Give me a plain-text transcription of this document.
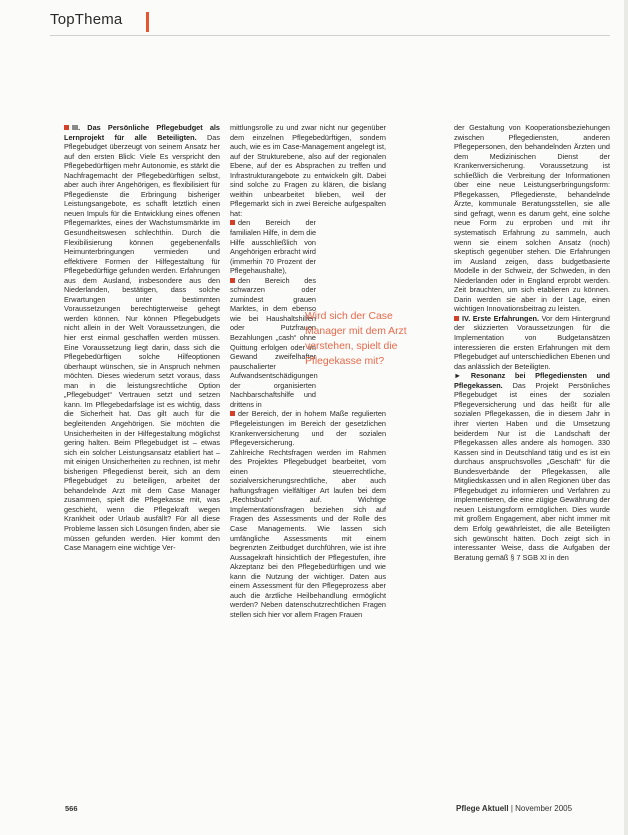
TopThema

III. Das Persönliche Pflegebudget als Lernprojekt für alle Beteiligten. Das Pflegebudget überzeugt von seinem Ansatz her auf den ersten Blick: Viele Es verspricht den Pflegebedürftigen mehr Autonomie, es stärkt die Nachfragemacht der Pflegebedürftigen selbst, aber auch ihrer Angehörigen, es flexibilisiert für Pflegedienste die Erbringung bisheriger Leistungsangebote, es schafft letztlich einen neuen Impuls für die Entwicklung eines offenen Pflegemarktes, eines der Wachstumsmärkte im Gesundheitswesen schlechthin. Durch die Flexibilisierung können gegebenenfalls Heimunterbringungen vermieden und effektivere Formen der Hilfegestaltung für Pflegebedürftige gefunden werden. Erfahrungen aus dem Ausland, insbesondere aus den Niederlanden, bestätigen, dass solche Erwartungen unter bestimmten Voraussetzungen berechtigterweise gehegt werden können. Nur können Pflegebudgets nicht allein in der Welt Voraussetzungen, die hier erst einmal geschaffen werden müssen. Eine Voraussetzung liegt darin, dass sich die Pflegebedürftigen solche Hilfeoptionen überhaupt wünschen, sie in Anspruch nehmen möchten. Dieses wiederum setzt voraus, dass man in die leistungsrechtliche Option „Pflegebudget“ Vertrauen setzt und setzen kann. Im Pflegebedarfslage ist es wichtig, dass die Sicherheit hat. Das gilt auch für die begleitenden Angehörigen. Sie möchten die Unsicherheiten in der Hilfegestaltung möglichst gering halten. Beim Pflegebudget ist – etwas sich ein solcher Leistungsansatz etabliert hat – mit einigen Unsicherheiten zu rechnen, ist mehr bisherigen Pflegedienst bereit, sich an dem Pflegebudget zu beteiligen, arbeitet der behandelnde Arzt mit dem Case Manager zusammen, spielt die Pflegekasse mit, was geschieht, wenn die Pflegekraft wegen Krankheit oder Urlaub ausfällt? Für all diese Probleme lassen sich Lösungen finden, aber sie müssen gefunden werden. Hier kommt den Case Managern eine wichtige Ver-

mittlungsrolle zu und zwar nicht nur gegenüber dem einzelnen Pflegebedürftigen, sondern auch, wie es im Case-Management angelegt ist, auf der Strukturebene, also auf der regionalen Ebene, auf der es Absprachen zu treffen und Infrastrukturangebote zu entwickeln gilt. Dabei sind solche zu Fragen zu klären, die bislang weithin unbearbeitet blieben, weil der Pflegemarkt sich in zwei Bereiche aufgespalten hat:

den Bereich der familialen Hilfe, in dem die Hilfe ausschließlich von Angehörigen erbracht wird (immerhin 70 Prozent der Pflegehaushalte),

den Bereich des schwarzen oder zumindest grauen Marktes, in dem ebenso wie bei Haushaltshilfen oder Putzfrauen Bezahlungen „cash“ ohne Quittung erfolgen oder im Gewand zweifelhafter pauschalierter Aufwandsentschädigungen der organisierten Nachbarschaftshilfe und drittens in

der Bereich, der in hohem Maße regulierten Pflegeleistungen im Bereich der gesetzlichen Krankenversicherung und der sozialen Pflegeversicherung.

Zahlreiche Rechtsfragen werden im Rahmen des Projektes Pflegebudget bearbeitet, vom einen steuerrechtliche, sozialversicherungsrechtliche, aber auch haftungsfragen vielfältiger Art laufen bei dem „Rechtsbuch“ auf. Wichtige Implementationsfragen beziehen sich auf Fragen des Assessments und der Rolle des Case Managements. Wie lassen sich umfängliche Assessments mit einem begrenzten Zeitbudget durchführen, wie ist ihre Aussagekraft hinsichtlich der Pflegestufen, ihre Akzeptanz bei den Pflegebedürftigen und wie kann die Nutzung der wichtiger. Daten aus einem Assessment für den Pflegeprozess aber auch die ärztliche Heilbehandlung ermöglicht werden? Neben datenschutzrechtlichen Fragen stellen sich hier vor allem Fragen Frauen

Wird sich der Case Manager mit dem Arzt verstehen, spielt die Pflegekasse mit?

der Gestaltung von Kooperationsbeziehungen zwischen Pflegediensten, anderen Pflegepersonen, den behandelnden Ärzten und dem Medizinischen Dienst der Krankenversicherung. Voraussetzung ist schließlich die Verbreitung der Informationen über eine neue Leistungserbringungsform: Pflegekassen, Pflegedienste, behandelnde Ärzte, kommunale Beratungsstellen, sie alle sind gefragt, wenn es darum geht, eine solche neue Form zu erproben und mit ihr systematisch Erfahrung zu sammeln, auch wenn sie einem solchen Ansatz (noch) skeptisch gegenüber stehen. Die Erfahrungen im Ausland zeigen, dass budgetbasierte Modelle in der Schweiz, der Schweden, in den Niederlanden oder in England erprobt werden. Zeit brauchten, um sich etablieren zu können. Darin werden sie aber in der Lage, einen wichtigen Innovationsbeitrag zu leisten.

IV. Erste Erfahrungen. Vor dem Hintergrund der skizzierten Voraussetzungen für die Implementation von Budgetansätzen interessieren die ersten Erfahrungen mit dem Pflegebudget auf unterschiedlichen Ebenen und das anlässlich der Beteiligten.

► Resonanz bei Pflegediensten und Pflegekassen. Das Projekt Persönliches Pflegebudget ist eines der sozialen Pflegeversicherung und das heißt für alle sozialen Pflegekassen, die in diesem Jahr in ihrer vierten Haben und die Umsetzung beiderdem Nur ist die Landschaft der Pflegekassen alles andere als homogen. 330 Kassen sind in Deutschland tätig und es ist ein durchaus anspruchsvolles „Geschäft“ für die Bundesverbände der Pflegekassen, alle Mitgliedskassen und in allen Regionen über das Pflegebudget zu informieren und Verfahren zu implementieren, die eine zügige Gewährung der neuen Leistungsform ermöglichen. Dies wurde mit großem Engagement, aber nicht immer mit dem Erfolg gewährleistet, die alle Beteiligten sich gewünscht hätten. Doch zeigt sich in interessanter Weise, dass die Aufgaben der Beratung gemäß § 7 SGB XI in den

566	Pflege Aktuell | November 2005
